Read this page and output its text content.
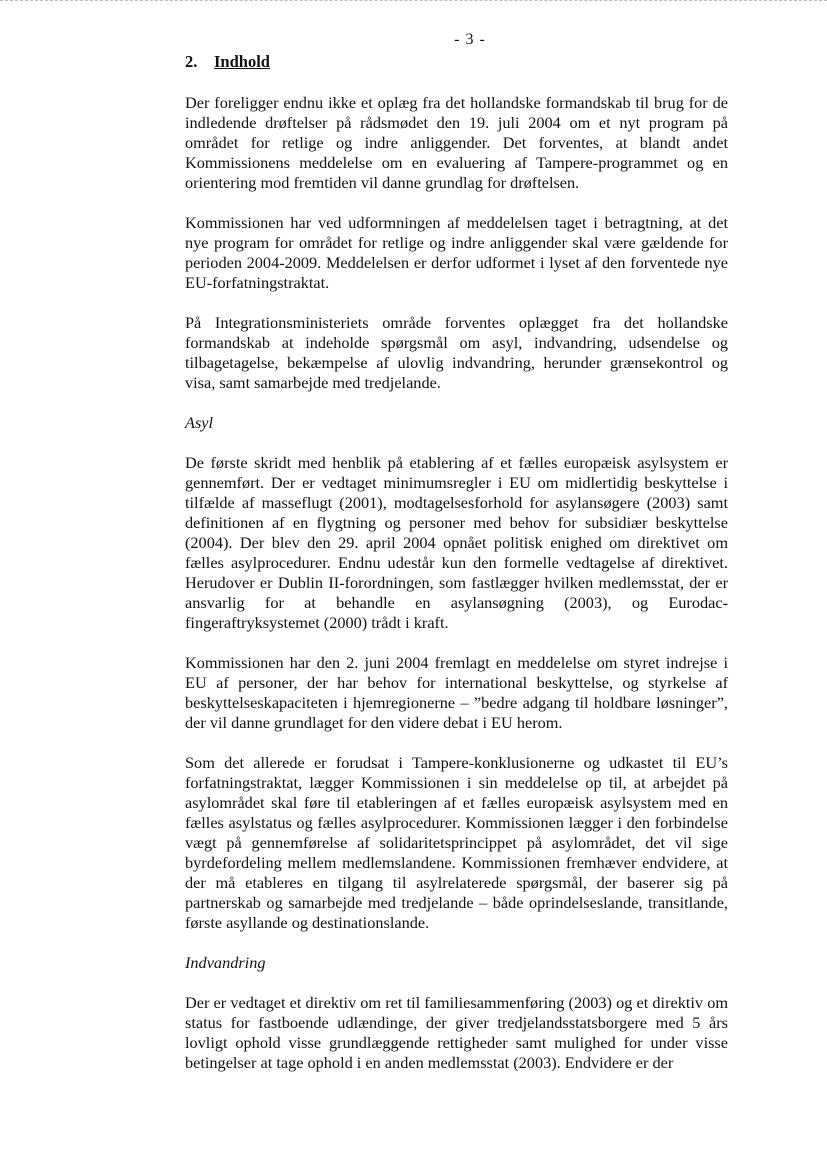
- 3 -
2. Indhold

Der foreligger endnu ikke et oplæg fra det hollandske formandskab til brug for de indledende drøftelser på rådsmødet den 19. juli 2004 om et nyt program på området for retlige og indre anliggender. Det forventes, at blandt andet Kommissionens meddelelse om en evaluering af Tampere-programmet og en orientering mod fremtiden vil danne grundlag for drøftelsen.

Kommissionen har ved udformningen af meddelelsen taget i betragtning, at det nye program for området for retlige og indre anliggender skal være gældende for perioden 2004-2009. Meddelelsen er derfor udformet i lyset af den forventede nye EU-forfatningstraktat.

På Integrationsministeriets område forventes oplægget fra det hollandske formandskab at indeholde spørgsmål om asyl, indvandring, udsendelse og tilbagetagelse, bekæmpelse af ulovlig indvandring, herunder grænsekontrol og visa, samt samarbejde med tredjelande.

Asyl

De første skridt med henblik på etablering af et fælles europæisk asylsystem er gennemført. Der er vedtaget minimumsregler i EU om midlertidig beskyttelse i tilfælde af masseflugt (2001), modtagelsesforhold for asylansøgere (2003) samt definitionen af en flygtning og personer med behov for subsidiær beskyttelse (2004). Der blev den 29. april 2004 opnået politisk enighed om direktivet om fælles asylprocedurer. Endnu udestår kun den formelle vedtagelse af direktivet. Herudover er Dublin II-forordningen, som fastlægger hvilken medlemsstat, der er ansvarlig for at behandle en asylansøgning (2003), og Eurodac-fingeraftryksystemet (2000) trådt i kraft.

Kommissionen har den 2. juni 2004 fremlagt en meddelelse om styret indrejse i EU af personer, der har behov for international beskyttelse, og styrkelse af beskyttelseskapaciteten i hjemregionerne – ”bedre adgang til holdbare løsninger”, der vil danne grundlaget for den videre debat i EU herom.

Som det allerede er forudsat i Tampere-konklusionerne og udkastet til EU’s forfatningstraktat, lægger Kommissionen i sin meddelelse op til, at arbejdet på asylområdet skal føre til etableringen af et fælles europæisk asylsystem med en fælles asylstatus og fælles asylprocedurer. Kommissionen lægger i den forbindelse vægt på gennemførelse af solidaritetsprincippet på asylområdet, det vil sige byrdefordeling mellem medlemslandene. Kommissionen fremhæver endvidere, at der må etableres en tilgang til asylrelaterede spørgsmål, der baserer sig på partnerskab og samarbejde med tredjelande – både oprindelseslande, transitlande, første asyllande og destinationslande.

Indvandring

Der er vedtaget et direktiv om ret til familiesammenføring (2003) og et direktiv om status for fastboende udlændinge, der giver tredjelandsstatsborgere med 5 års lovligt ophold visse grundlæggende rettigheder samt mulighed for under visse betingelser at tage ophold i en anden medlemsstat (2003). Endvidere er der
